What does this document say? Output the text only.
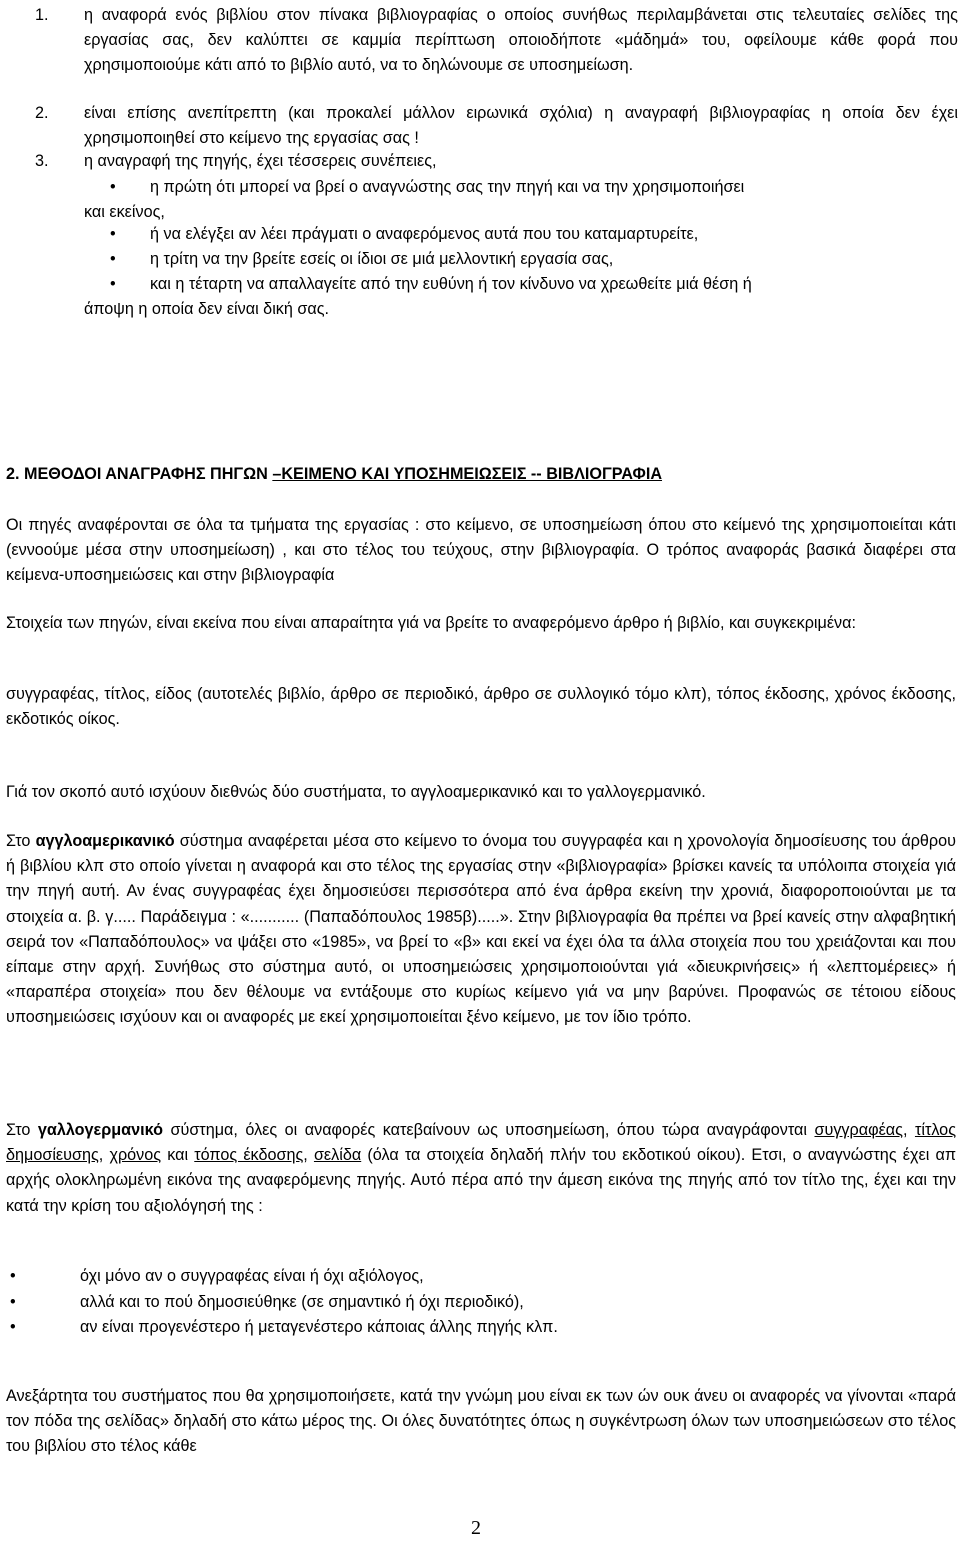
1. η αναφορά ενός βιβλίου στον πίνακα βιβλιογραφίας ο οποίος συνήθως περιλαμβάνεται στις τελευταίες σελίδες της εργασίας σας, δεν καλύπτει σε καμμία περίπτωση οποιοδήποτε «μάδημά» του, οφείλουμε κάθε φορά που χρησιμοποιούμε κάτι από το βιβλίο αυτό, να το δηλώνουμε σε υποσημείωση.

2. είναι επίσης ανεπίτρεπτη (και προκαλεί μάλλον ειρωνικά σχόλια) η αναγραφή βιβλιογραφίας η οποία δεν έχει χρησιμοποιηθεί στο κείμενο της εργασίας σας !

3. η αναγραφή της πηγής, έχει τέσσερεις συνέπειες,

• η πρώτη ότι μπορεί να βρεί ο αναγνώστης σας την πηγή και να την χρησιμοποιήσει

και εκείνος,

• ή να ελέγξει αν λέει πράγματι ο αναφερόμενος αυτά που του καταμαρτυρείτε,

• η τρίτη να την βρείτε εσείς οι ίδιοι σε μιά μελλοντική εργασία σας,

• και η τέταρτη να απαλλαγείτε από την ευθύνη ή τον κίνδυνο να χρεωθείτε μιά θέση ή

άποψη η οποία δεν είναι δική σας.

2. ΜΕΘΟΔΟΙ ΑΝΑΓΡΑΦΗΣ ΠΗΓΩΝ –ΚΕΙΜΕΝΟ ΚΑΙ ΥΠΟΣΗΜΕΙΩΣΕΙΣ -- ΒΙΒΛΙΟΓΡΑΦΙΑ

Οι πηγές αναφέρονται σε όλα τα τμήματα της εργασίας : στο κείμενο, σε υποσημείωση όπου στο κείμενό της χρησιμοποιείται κάτι (εννοούμε μέσα στην υποσημείωση) , και στο τέλος του τεύχους, στην βιβλιογραφία. Ο τρόπος αναφοράς βασικά διαφέρει στα κείμενα-υποσημειώσεις και στην βιβλιογραφία

Στοιχεία των πηγών, είναι εκείνα που είναι απαραίτητα γιά να βρείτε το αναφερόμενο άρθρο ή βιβλίο, και συγκεκριμένα:

συγγραφέας, τίτλος, είδος (αυτοτελές βιβλίο, άρθρο σε περιοδικό, άρθρο σε συλλογικό τόμο κλπ), τόπος έκδοσης, χρόνος έκδοσης, εκδοτικός οίκος.

Γιά τον σκοπό αυτό ισχύουν διεθνώς δύο συστήματα, το αγγλοαμερικανικό και το γαλλογερμανικό.

Στο αγγλοαμερικανικό σύστημα αναφέρεται μέσα στο κείμενο το όνομα του συγγραφέα και η χρονολογία δημοσίευσης του άρθρου ή βιβλίου κλπ στο οποίο γίνεται η αναφορά και στο τέλος της εργασίας στην «βιβλιογραφία» βρίσκει κανείς τα υπόλοιπα στοιχεία γιά την πηγή αυτή. Αν ένας συγγραφέας έχει δημοσιεύσει περισσότερα από ένα άρθρα εκείνη την χρονιά, διαφοροποιούνται με τα στοιχεία α. β. γ..... Παράδειγμα : «........... (Παπαδόπουλος 1985β).....». Στην βιβλιογραφία θα πρέπει να βρεί κανείς στην αλφαβητική σειρά τον «Παπαδόπουλος» να ψάξει στο «1985», να βρεί το «β» και εκεί να έχει όλα τα άλλα στοιχεία που του χρειάζονται και που είπαμε στην αρχή. Συνήθως στο σύστημα αυτό, οι υποσημειώσεις χρησιμοποιούνται γιά «διευκρινήσεις» ή «λεπτομέρειες» ή «παραπέρα στοιχεία» που δεν θέλουμε να εντάξουμε στο κυρίως κείμενο γιά να μην βαρύνει. Προφανώς σε τέτοιου είδους υποσημειώσεις ισχύουν και οι αναφορές με εκεί χρησιμοποιείται ξένο κείμενο, με τον ίδιο τρόπο.

Στο γαλλογερμανικό σύστημα, όλες οι αναφορές κατεβαίνουν ως υποσημείωση, όπου τώρα αναγράφονται συγγραφέας, τίτλος δημοσίευσης, χρόνος και τόπος έκδοσης, σελίδα (όλα τα στοιχεία δηλαδή πλήν του εκδοτικού οίκου). Ετσι, ο αναγνώστης έχει απ αρχής ολοκληρωμένη εικόνα της αναφερόμενης πηγής. Αυτό πέρα από την άμεση εικόνα της πηγής από τον τίτλο της, έχει και την κατά την κρίση του αξιολόγησή της :

•	όχι μόνο αν ο συγγραφέας είναι ή όχι αξιόλογος,
•	αλλά και το πού δημοσιεύθηκε (σε σημαντικό ή όχι περιοδικό),
•	αν είναι προγενέστερο ή μεταγενέστερο κάποιας άλλης πηγής κλπ.

Ανεξάρτητα του συστήματος που θα χρησιμοποιήσετε, κατά την γνώμη μου είναι εκ των ών ουκ άνευ οι αναφορές να γίνονται «παρά τον πόδα της σελίδας» δηλαδή στο κάτω μέρος της. Οι όλες δυνατότητες όπως η συγκέντρωση όλων των υποσημειώσεων στο τέλος του βιβλίου στο τέλος κάθε

2
